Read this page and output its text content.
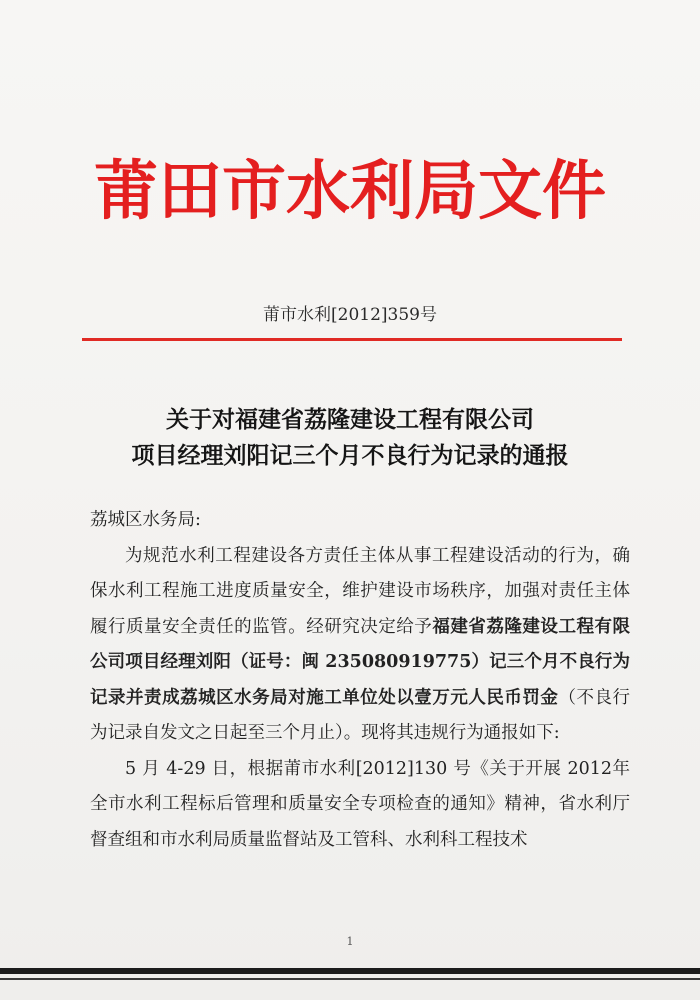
莆田市水利局文件
莆市水利[2012]359号
关于对福建省荔隆建设工程有限公司
项目经理刘阳记三个月不良行为记录的通报

荔城区水务局:

为规范水利工程建设各方责任主体从事工程建设活动的行为，确保水利工程施工进度质量安全，维护建设市场秩序，加强对责任主体履行质量安全责任的监管。经研究决定给予福建省荔隆建设工程有限公司项目经理刘阳（证号：闽 235080919775）记三个月不良行为记录并责成荔城区水务局对施工单位处以壹万元人民币罚金（不良行为记录自发文之日起至三个月止）。现将其违规行为通报如下:

5 月 4-29 日，根据莆市水利[2012]130 号《关于开展 2012年全市水利工程标后管理和质量安全专项检查的通知》精神，省水利厅督查组和市水利局质量监督站及工管科、水利科工程技术

1
